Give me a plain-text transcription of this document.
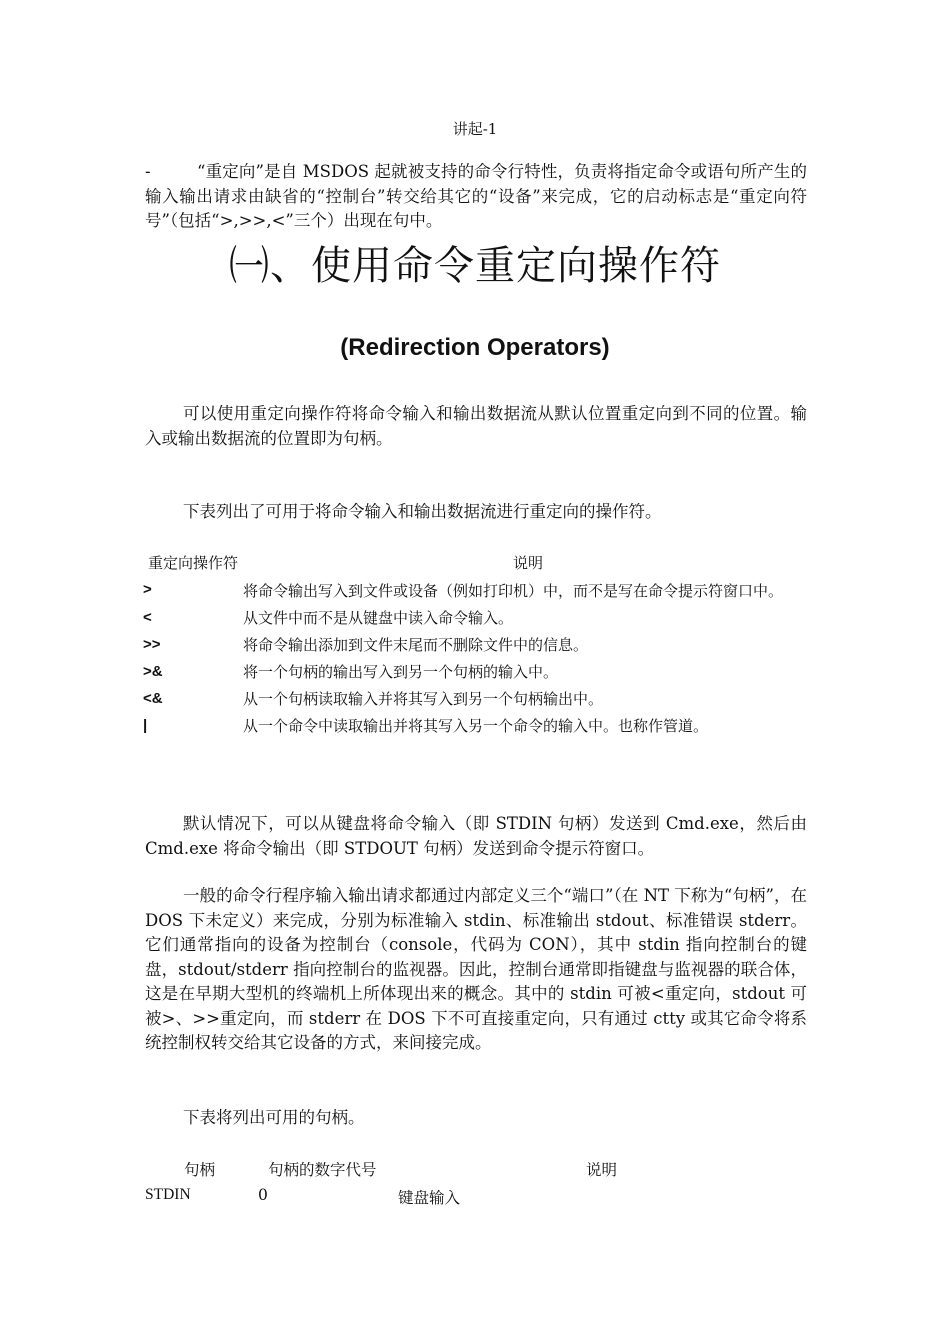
讲起-1
-	“重定向”是自 MSDOS 起就被支持的命令行特性，负责将指定命令或语句所产生的输入输出请求由缺省的“控制台”转交给其它的“设备”来完成，它的启动标志是“重定向符号”（包括“>,>>,<”三个）出现在句中。
㈠、使用命令重定向操作符
(Redirection Operators)
可以使用重定向操作符将命令输入和输出数据流从默认位置重定向到不同的位置。输入或输出数据流的位置即为句柄。
下表列出了可用于将命令输入和输出数据流进行重定向的操作符。
重定向操作符	说明
>	将命令输出写入到文件或设备（例如打印机）中，而不是写在命令提示符窗口中。
<	从文件中而不是从键盘中读入命令输入。
>>	将命令输出添加到文件末尾而不删除文件中的信息。
>&	将一个句柄的输出写入到另一个句柄的输入中。
<&	从一个句柄读取输入并将其写入到另一个句柄输出中。
|	从一个命令中读取输出并将其写入另一个命令的输入中。也称作管道。
默认情况下，可以从键盘将命令输入（即 STDIN 句柄）发送到 Cmd.exe，然后由 Cmd.exe 将命令输出（即 STDOUT 句柄）发送到命令提示符窗口。
一般的命令行程序输入输出请求都通过内部定义三个“端口”（在 NT 下称为“句柄”，在 DOS 下未定义）来完成，分别为标准输入 stdin、标准输出 stdout、标准错误 stderr。它们通常指向的设备为控制台（console，代码为 CON），其中 stdin 指向控制台的键盘，stdout/stderr 指向控制台的监视器。因此，控制台通常即指键盘与监视器的联合体，这是在早期大型机的终端机上所体现出来的概念。其中的 stdin 可被<重定向，stdout 可被>、>>重定向，而 stderr 在 DOS 下不可直接重定向，只有通过 ctty 或其它命令将系统控制权转交给其它设备的方式，来间接完成。
下表将列出可用的句柄。
句柄	句柄的数字代号	说明
STDIN	0	键盘输入
